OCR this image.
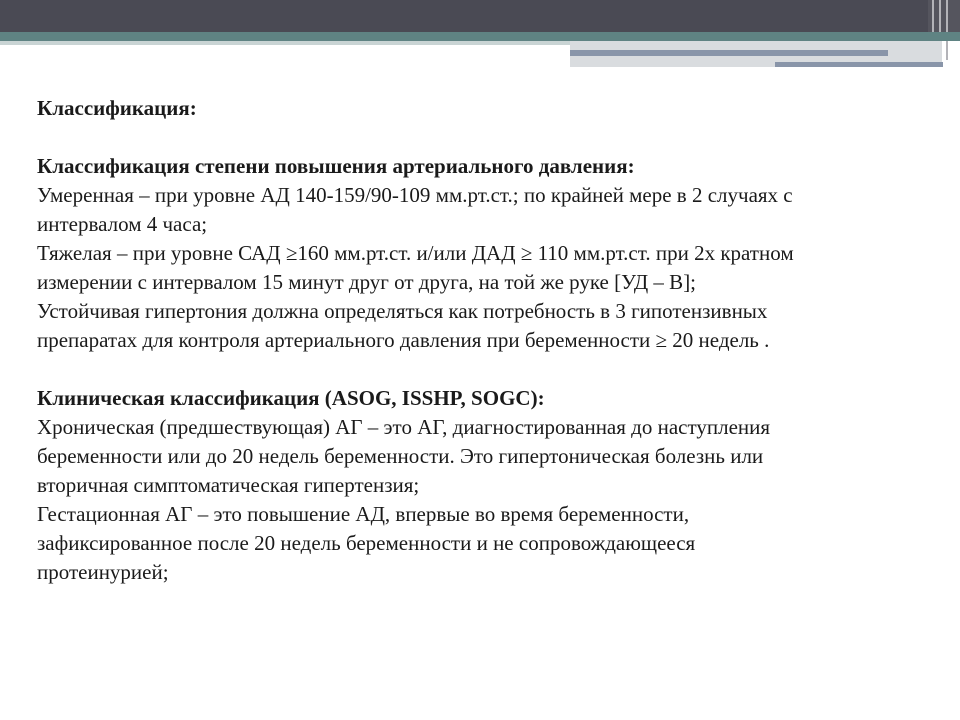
Классификация:

Классификация степени повышения артериального давления:

Умеренная – при уровне АД 140-159/90-109 мм.рт.ст.; по крайней мере в 2 случаях с

интервалом 4 часа;

Тяжелая – при уровне САД ≥160 мм.рт.ст. и/или ДАД ≥ 110 мм.рт.ст. при 2х кратном

измерении с интервалом 15 минут друг от друга, на той же руке [УД – В];

Устойчивая гипертония должна определяться как потребность в 3 гипотензивных

препаратах для контроля артериального давления при беременности ≥ 20 недель .

Клиническая классификация (ASOG, ISSHP, SOGC):

Хроническая (предшествующая) АГ – это АГ, диагностированная до наступления

беременности или до 20 недель беременности. Это гипертоническая болезнь или

вторичная симптоматическая гипертензия;

Гестационная АГ – это повышение АД, впервые во время беременности,

зафиксированное после 20 недель беременности и не сопровождающееся

протеинурией;
